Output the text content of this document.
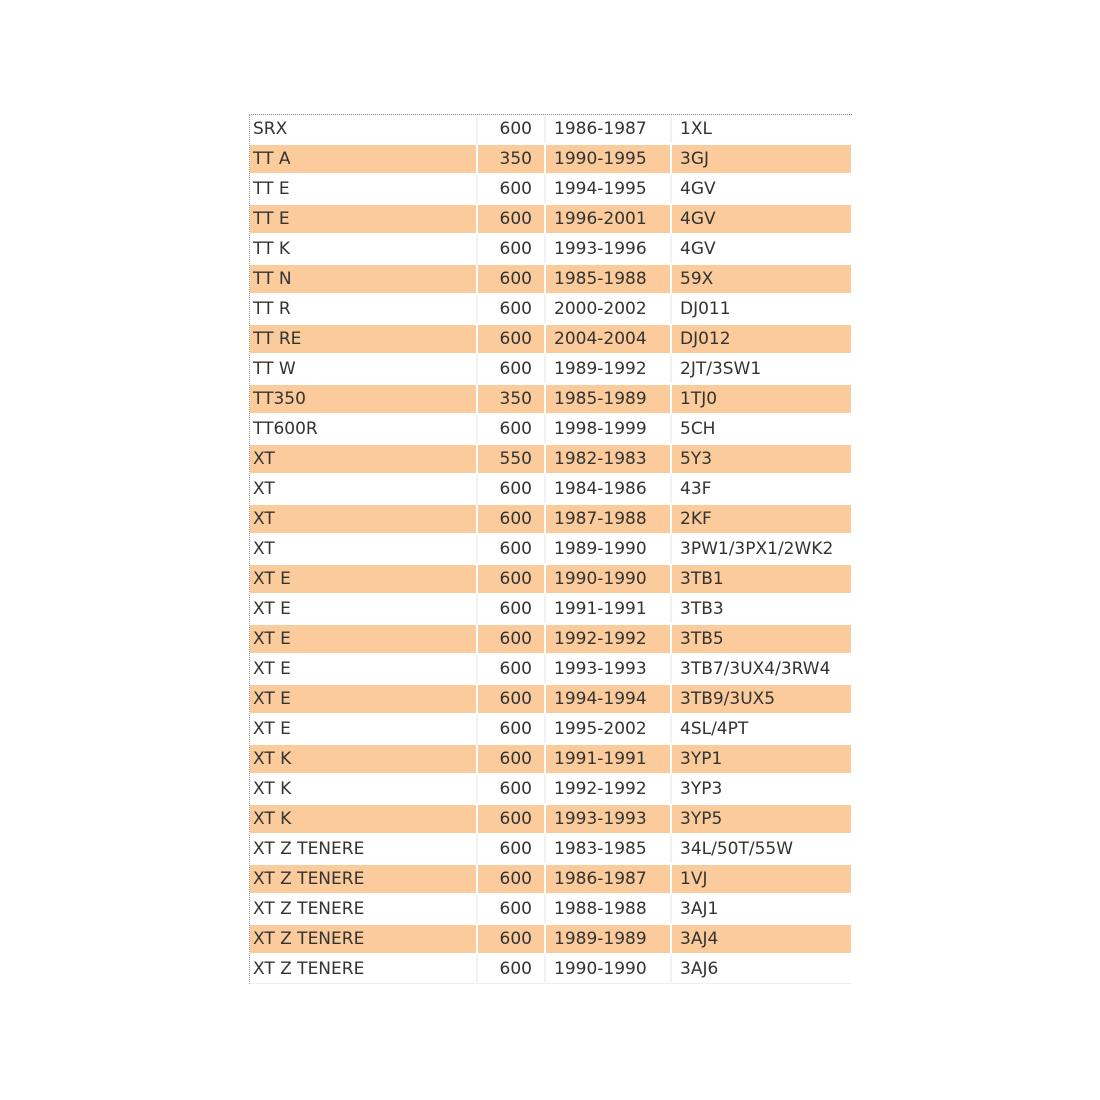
SRX	600	1986-1987	1XL
TT A	350	1990-1995	3GJ
TT E	600	1994-1995	4GV
TT E	600	1996-2001	4GV
TT K	600	1993-1996	4GV
TT N	600	1985-1988	59X
TT R	600	2000-2002	DJ011
TT RE	600	2004-2004	DJ012
TT W	600	1989-1992	2JT/3SW1
TT350	350	1985-1989	1TJ0
TT600R	600	1998-1999	5CH
XT	550	1982-1983	5Y3
XT	600	1984-1986	43F
XT	600	1987-1988	2KF
XT	600	1989-1990	3PW1/3PX1/2WK2
XT E	600	1990-1990	3TB1
XT E	600	1991-1991	3TB3
XT E	600	1992-1992	3TB5
XT E	600	1993-1993	3TB7/3UX4/3RW4
XT E	600	1994-1994	3TB9/3UX5
XT E	600	1995-2002	4SL/4PT
XT K	600	1991-1991	3YP1
XT K	600	1992-1992	3YP3
XT K	600	1993-1993	3YP5
XT Z TENERE	600	1983-1985	34L/50T/55W
XT Z TENERE	600	1986-1987	1VJ
XT Z TENERE	600	1988-1988	3AJ1
XT Z TENERE	600	1989-1989	3AJ4
XT Z TENERE	600	1990-1990	3AJ6
